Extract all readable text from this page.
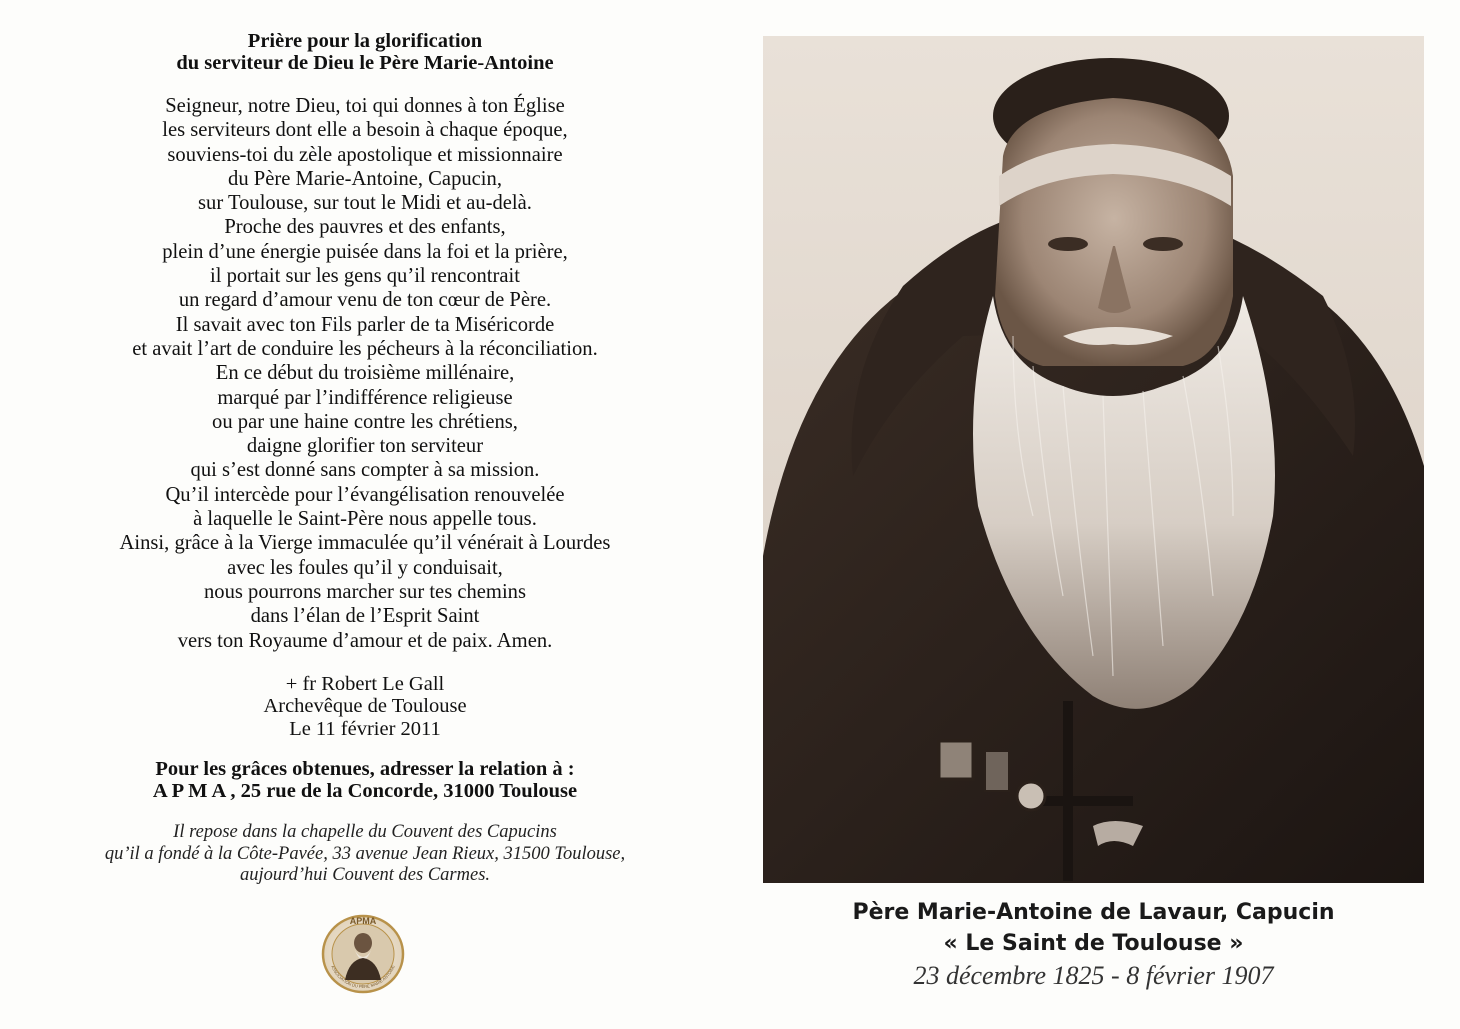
Prière pour la glorification
du serviteur de Dieu le Père Marie-Antoine
Seigneur, notre Dieu, toi qui donnes à ton Église
les serviteurs dont elle a besoin à chaque époque,
souviens-toi du zèle apostolique et missionnaire
du Père Marie-Antoine, Capucin,
sur Toulouse, sur tout le Midi et au-delà.
Proche des pauvres et des enfants,
plein d’une énergie puisée dans la foi et la prière,
il portait sur les gens qu’il rencontrait
un regard d’amour venu de ton cœur de Père.
Il savait avec ton Fils parler de ta Miséricorde
et avait l’art de conduire les pécheurs à la réconciliation.
En ce début du troisième millénaire,
marqué par l’indifférence religieuse
ou par une haine contre les chrétiens,
daigne glorifier ton serviteur
qui s’est donné sans compter à sa mission.
Qu’il intercède pour l’évangélisation renouvelée
à laquelle le Saint-Père nous appelle tous.
Ainsi, grâce à la Vierge immaculée qu’il vénérait à Lourdes
avec les foules qu’il y conduisait,
nous pourrons marcher sur tes chemins
dans l’élan de l’Esprit Saint
vers ton Royaume d’amour et de paix. Amen.
+ fr Robert Le Gall
Archevêque de Toulouse
Le 11 février 2011
Pour les grâces obtenues, adresser la relation à :
A P M A , 25 rue de la Concorde, 31000 Toulouse
Il repose dans la chapelle du Couvent des Capucins
qu’il a fondé à la Côte-Pavée, 33 avenue Jean Rieux, 31500 Toulouse,
aujourd’hui Couvent des Carmes.
APMA
ASSOCIATION DU PÈRE MARIE ANTOINE
Père Marie-Antoine de Lavaur, Capucin
« Le Saint de Toulouse »
23 décembre 1825 - 8 février 1907
